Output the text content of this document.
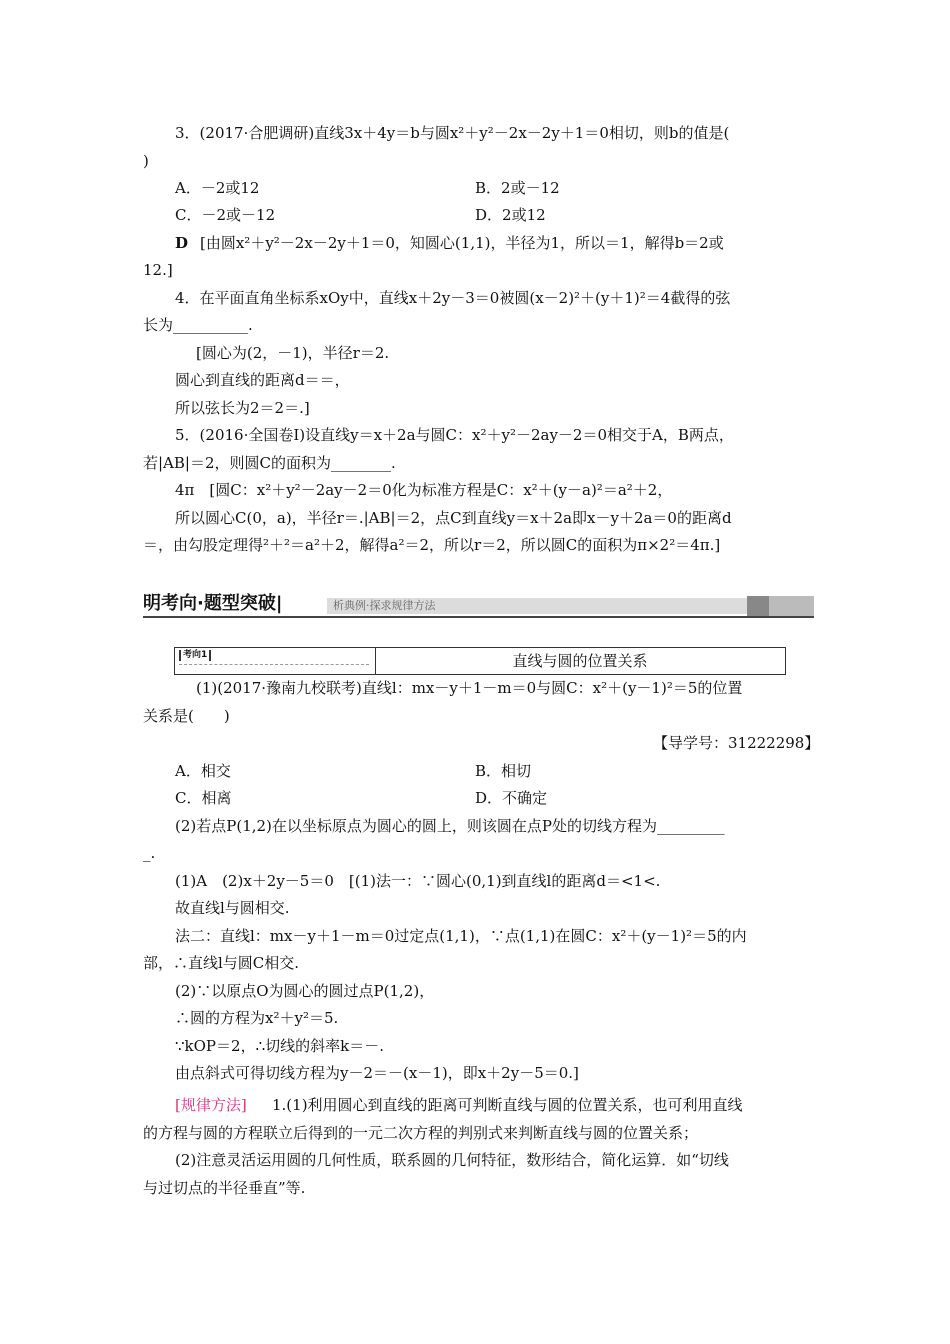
3．(2017·合肥调研)直线3x＋4y＝b与圆x²＋y²－2x－2y＋1＝0相切，则b的值是(
)
A．－2或12	B．2或－12
C．－2或－12	D．2或12
D [由圆x²＋y²－2x－2y＋1＝0，知圆心(1,1)，半径为1，所以＝1，解得b＝2或
12.]
4．在平面直角坐标系xOy中，直线x＋2y－3＝0被圆(x－2)²＋(y＋1)²＝4截得的弦
长为__________.
[圆心为(2，－1)，半径r＝2.
圆心到直线的距离d＝＝，
所以弦长为2＝2＝.]
5．(2016·全国卷Ⅰ)设直线y＝x＋2a与圆C：x²＋y²－2ay－2＝0相交于A，B两点，
若|AB|＝2，则圆C的面积为________.
4π　[圆C：x²＋y²－2ay－2＝0化为标准方程是C：x²＋(y－a)²＝a²＋2，
所以圆心C(0，a)，半径r＝.|AB|＝2，点C到直线y＝x＋2a即x－y＋2a＝0的距离d
＝，由勾股定理得²＋²＝a²＋2，解得a²＝2，所以r＝2，所以圆C的面积为π×2²＝4π.]
(1)(2017·豫南九校联考)直线l：mx－y＋1－m＝0与圆C：x²＋(y－1)²＝5的位置
关系是(　　)
【导学号：31222298】
A．相交	B．相切
C．相离	D．不确定
(2)若点P(1,2)在以坐标原点为圆心的圆上，则该圆在点P处的切线方程为_________
_.
(1)A　(2)x＋2y－5＝0　[(1)法一：∵圆心(0,1)到直线l的距离d＝<1<.
故直线l与圆相交.
法二：直线l：mx－y＋1－m＝0过定点(1,1)，∵点(1,1)在圆C：x²＋(y－1)²＝5的内
部，∴直线l与圆C相交.
(2)∵以原点O为圆心的圆过点P(1,2)，
∴圆的方程为x²＋y²＝5.
∵kOP＝2，∴切线的斜率k＝－.
由点斜式可得切线方程为y－2＝－(x－1)，即x＋2y－5＝0.]
[规律方法] 1.(1)利用圆心到直线的距离可判断直线与圆的位置关系，也可利用直线
的方程与圆的方程联立后得到的一元二次方程的判别式来判断直线与圆的位置关系；
(2)注意灵活运用圆的几何性质，联系圆的几何特征，数形结合，简化运算．如“切线
与过切点的半径垂直”等.
析典例·探求规律方法
明考向·题型突破|
考向1	直线与圆的位置关系
